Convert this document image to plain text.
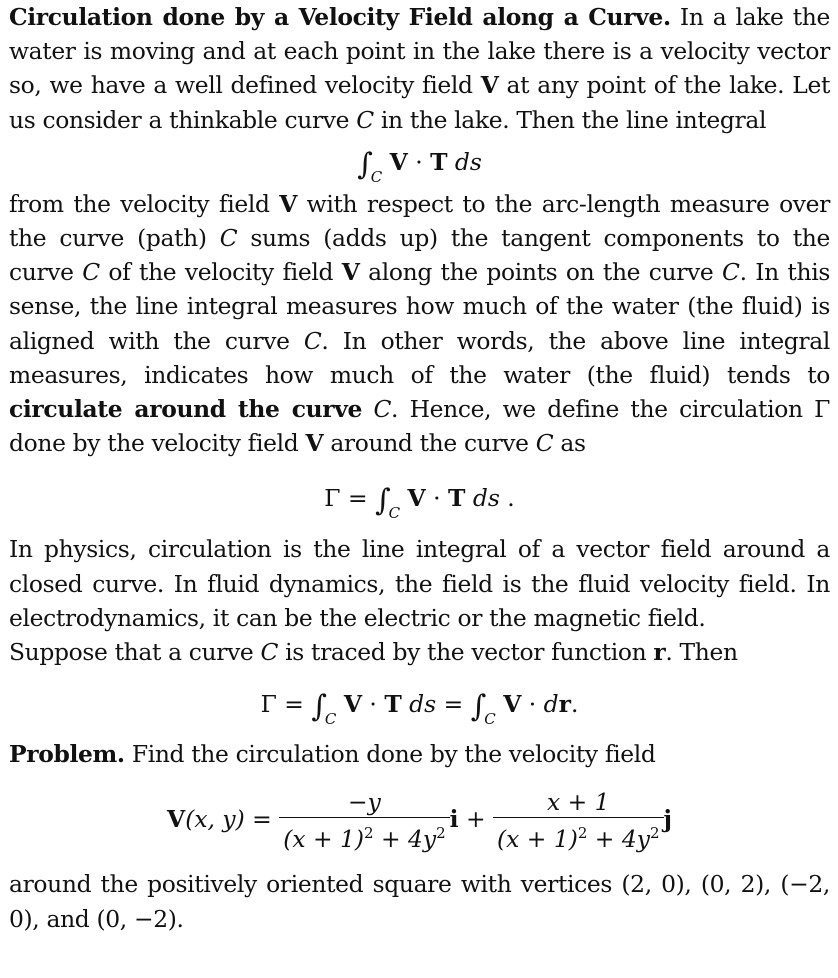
Circulation done by a Velocity Field along a Curve. In a lake the water is moving and at each point in the lake there is a velocity vector so, we have a well defined velocity field V at any point of the lake. Let us consider a thinkable curve C in the lake. Then the line integral

$\int_C$ V · T ds

from the velocity field V with respect to the arc-length measure over the curve (path) C sums (adds up) the tangent components to the curve C of the velocity field V along the points on the curve C. In this sense, the line integral measures how much of the water (the fluid) is aligned with the curve C. In other words, the above line integral measures, indicates how much of the water (the fluid) tends to circulate around the curve C. Hence, we define the circulation Γ done by the velocity field V around the curve C as

$\Gamma = \int_C$ V · T ds .

In physics, circulation is the line integral of a vector field around a closed curve. In fluid dynamics, the field is the fluid velocity field. In electrodynamics, it can be the electric or the magnetic field.
Suppose that a curve C is traced by the vector function r. Then

$\Gamma = \int_C$ V · T ds = $\int_C$ V · dr.

Problem. Find the circulation done by the velocity field

V(x, $y) = \frac{-y}{(x + 1)^2 + 4y^2}$ $i + \frac{x + 1}{(x + 1)^2 + 4y^2}$ j

around the positively oriented square with vertices (2, 0), (0, 2), (−2, 0), and (0, −2).
